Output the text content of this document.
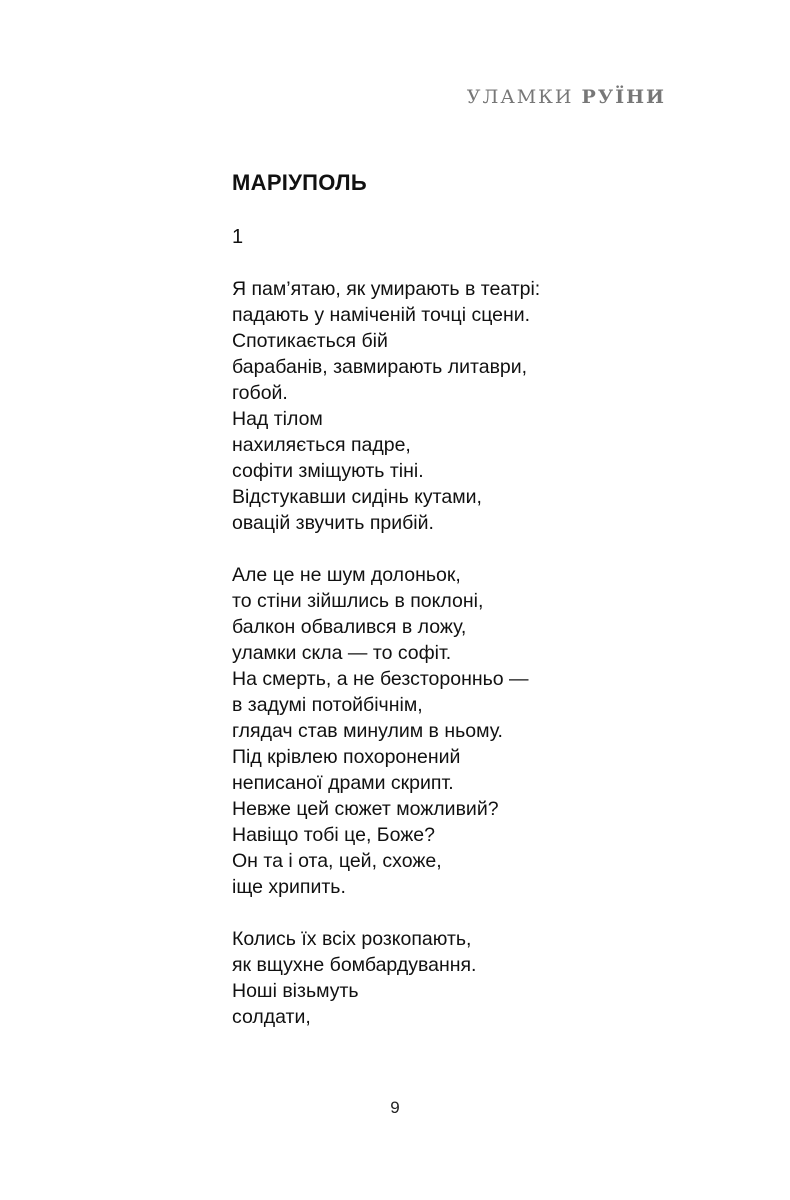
УЛАМКИ РУЇНИ
МАРІУПОЛЬ
1
Я пам’ятаю, як умирають в театрі:
падають у наміченій точці сцени.
Спотикається бій
барабанів, завмирають литаври,
гобой.
Над тілом
нахиляється падре,
софіти зміщують тіні.
Відстукавши сидінь кутами,
овацій звучить прибій.
Але це не шум долоньок,
то стіни зійшлись в поклоні,
балкон обвалився в ложу,
уламки скла — то софіт.
На смерть, а не безсторонньо —
в задумі потойбічнім,
глядач став минулим в ньому.
Під крівлею похоронений
неписаної драми скрипт.
Невже цей сюжет можливий?
Навіщо тобі це, Боже?
Он та і ота, цей, схоже,
іще хрипить.
Колись їх всіх розкопають,
як вщухне бомбардування.
Ноші візьмуть
солдати,
9
